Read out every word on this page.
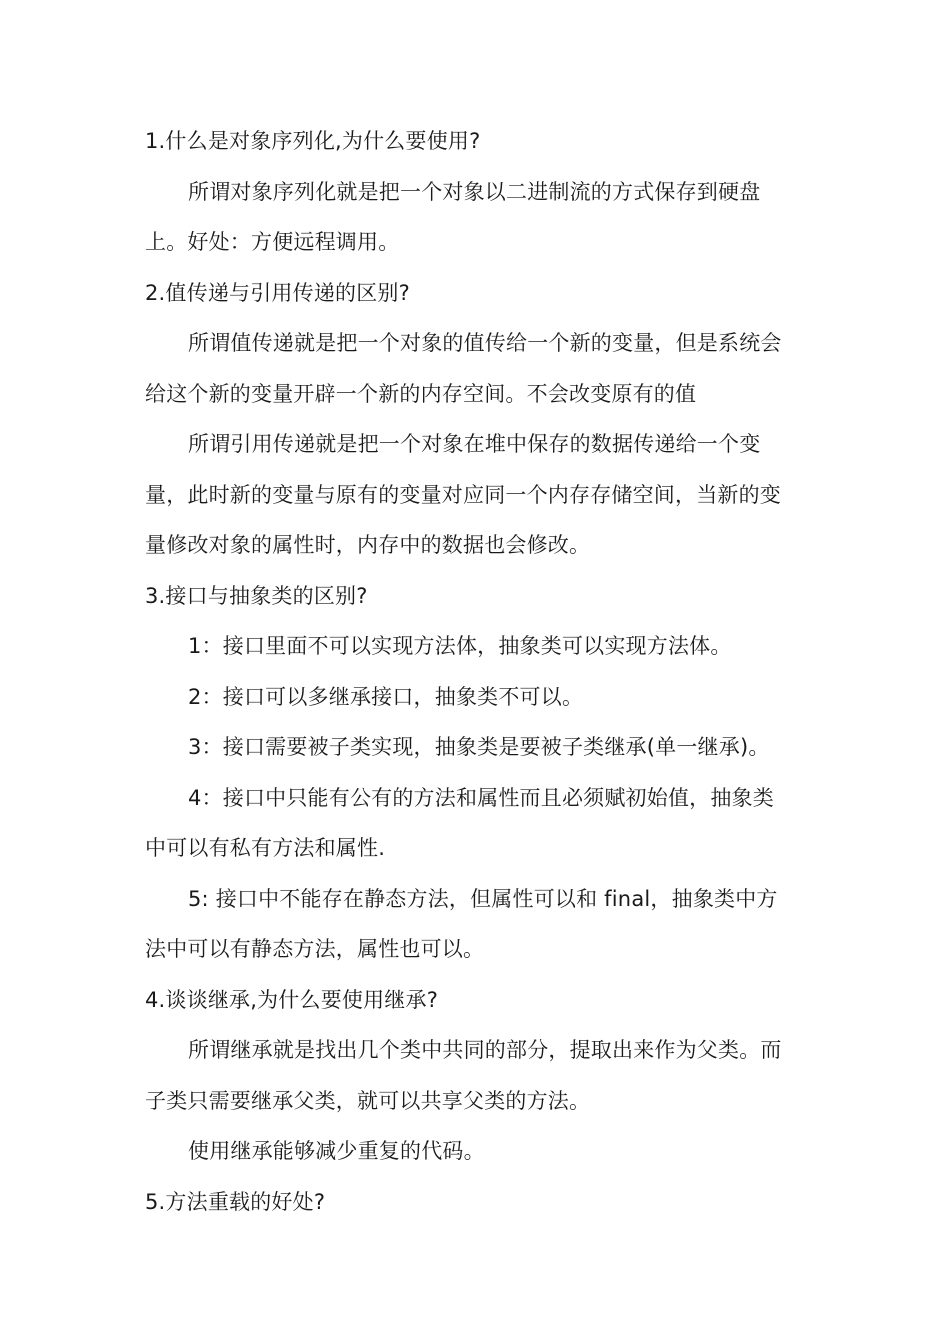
1.什么是对象序列化,为什么要使用?
所谓对象序列化就是把一个对象以二进制流的方式保存到硬盘
上。好处：方便远程调用。
2.值传递与引用传递的区别?
所谓值传递就是把一个对象的值传给一个新的变量，但是系统会
给这个新的变量开辟一个新的内存空间。不会改变原有的值
所谓引用传递就是把一个对象在堆中保存的数据传递给一个变
量，此时新的变量与原有的变量对应同一个内存存储空间，当新的变
量修改对象的属性时，内存中的数据也会修改。
3.接口与抽象类的区别?
1：接口里面不可以实现方法体，抽象类可以实现方法体。
2：接口可以多继承接口，抽象类不可以。
3：接口需要被子类实现，抽象类是要被子类继承(单一继承)。
4：接口中只能有公有的方法和属性而且必须赋初始值，抽象类
中可以有私有方法和属性.
5: 接口中不能存在静态方法，但属性可以和 final，抽象类中方
法中可以有静态方法，属性也可以。
4.谈谈继承,为什么要使用继承?
所谓继承就是找出几个类中共同的部分，提取出来作为父类。而
子类只需要继承父类，就可以共享父类的方法。
使用继承能够减少重复的代码。
5.方法重载的好处?
